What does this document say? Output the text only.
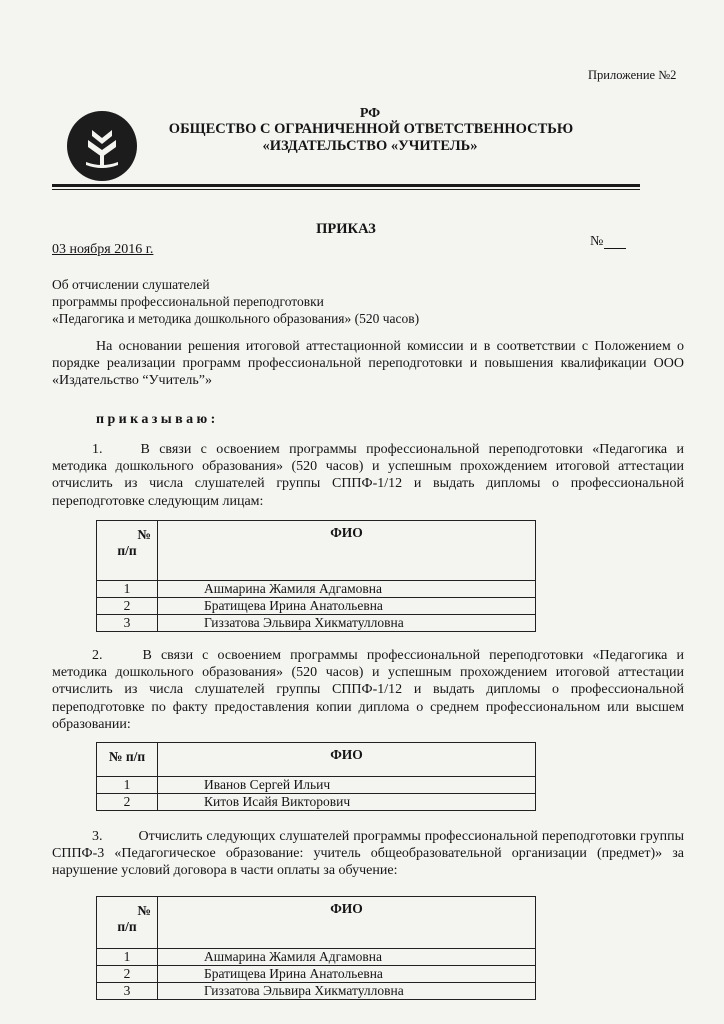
Приложение №2
РФ
ОБЩЕСТВО С ОГРАНИЧЕННОЙ ОТВЕТСТВЕННОСТЬЮ
«ИЗДАТЕЛЬСТВО «УЧИТЕЛЬ»
ПРИКАЗ
03 ноября 2016 г.
№
Об отчислении слушателей
программы профессиональной переподготовки
«Педагогика и методика дошкольного образования» (520 часов)
На основании решения итоговой аттестационной комиссии и в соответствии с Положением о порядке реализации программ профессиональной переподготовки и повышения квалификации ООО «Издательство “Учитель”»
приказываю:
1.	В связи с освоением программы профессиональной переподготовки «Педагогика и методика дошкольного образования» (520 часов) и успешным прохождением итоговой аттестации отчислить из числа слушателей группы СППФ-1/12 и выдать дипломы о профессиональной переподготовке следующим лицам:
№
п/п	ФИО
1	Ашмарина Жамиля Адгамовна
2	Братищева Ирина Анатольевна
3	Гиззатова Эльвира Хикматулловна
2.	В связи с освоением программы профессиональной переподготовки «Педагогика и методика дошкольного образования» (520 часов) и успешным прохождением итоговой аттестации отчислить из числа слушателей группы СППФ-1/12 и выдать дипломы о профессиональной переподготовке по факту предоставления копии диплома о среднем профессиональном или высшем образовании:
№ п/п	ФИО
1	Иванов Сергей Ильич
2	Китов Исайя Викторович
3.	Отчислить следующих слушателей программы профессиональной переподготовки группы СППФ-3 «Педагогическое образование: учитель общеобразовательной организации (предмет)» за нарушение условий договора в части оплаты за обучение:
№
п/п	ФИО
1	Ашмарина Жамиля Адгамовна
2	Братищева Ирина Анатольевна
3	Гиззатова Эльвира Хикматулловна
